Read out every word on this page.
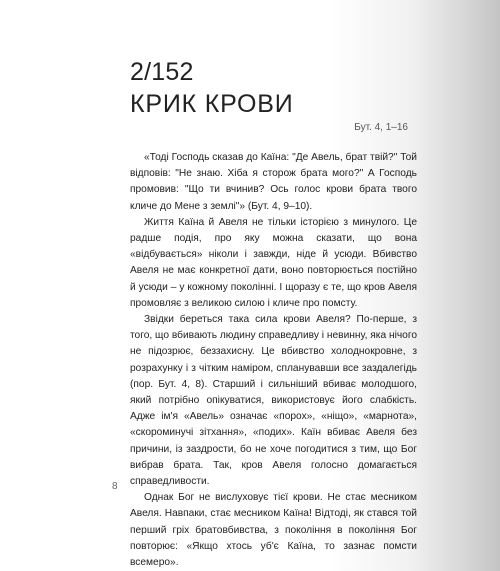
2/152
КРИК КРОВИ
Бут. 4, 1–16

«Тоді Господь сказав до Каїна: "Де Авель, брат твій?" Той відповів: "Не знаю. Хіба я сторож брата мого?" А Господь промовив: "Що ти вчинив? Ось голос крови брата твого кличе до Мене з землі"» (Бут. 4, 9–10).

Життя Каїна й Авеля не тільки історією з минулого. Це радше подія, про яку можна сказати, що вона «відбувається» ніколи і завжди, ніде й усюди. Вбивство Авеля не має конкретної дати, воно повторюється постійно й усюди – у кожному поколінні. І щоразу є те, що кров Авеля промовляє з великою силою і кличе про помсту.

Звідки береться така сила крови Авеля? По-перше, з того, що вбивають людину справедливу і невинну, яка нічого не підозрює, беззахисну. Це вбивство холоднокровне, з розрахунку і з чітким наміром, спланувавши все заздалегідь (пор. Бут. 4, 8). Старший і сильніший вбиває молодшого, який потрібно опікуватися, використовує його слабкість. Адже ім'я «Авель» означає «порох», «ніщо», «марнота», «скороминучі зітхання», «подих». Каїн вбиває Авеля без причини, із заздрости, бо не хоче погодитися з тим, що Бог вибрав брата. Так, кров Авеля голосно домагається справедливости.

Однак Бог не вислуховує тієї крови. Не стає месником Авеля. Навпаки, стає месником Каїна! Відтоді, як стався той перший гріх братовбивства, з покоління в покоління Бог повторює: «Якщо хтось уб'є Каїна, то зазнає помсти всемеро».

8
